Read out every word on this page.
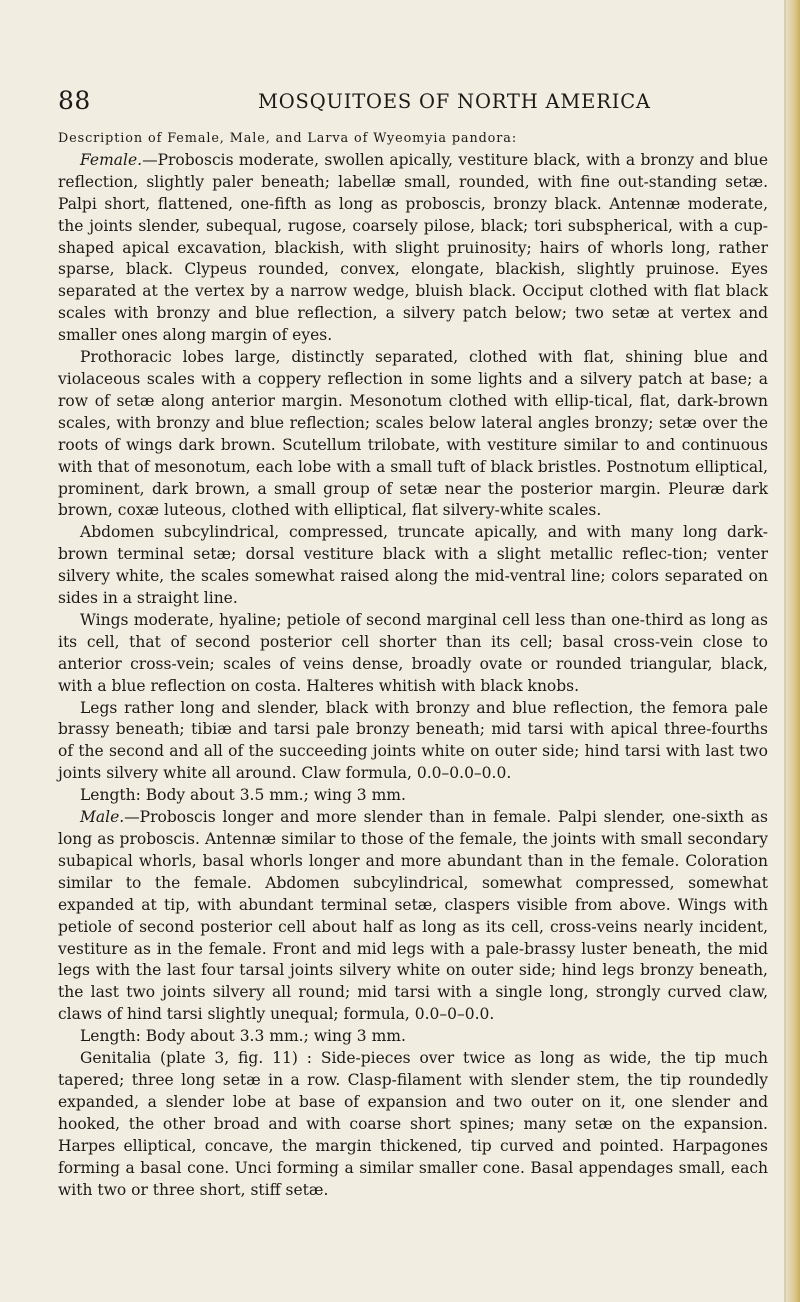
88	MOSQUITOES OF NORTH AMERICA
Description of Female, Male, and Larva of Wyeomyia pandora:

Female.—Proboscis moderate, swollen apically, vestiture black, with a bronzy and blue reflection, slightly paler beneath; labellæ small, rounded, with fine out-standing setæ. Palpi short, flattened, one-fifth as long as proboscis, bronzy black. Antennæ moderate, the joints slender, subequal, rugose, coarsely pilose, black; tori subspherical, with a cup-shaped apical excavation, blackish, with slight pruinosity; hairs of whorls long, rather sparse, black. Clypeus rounded, convex, elongate, blackish, slightly pruinose. Eyes separated at the vertex by a narrow wedge, bluish black. Occiput clothed with flat black scales with bronzy and blue reflection, a silvery patch below; two setæ at vertex and smaller ones along margin of eyes.

Prothoracic lobes large, distinctly separated, clothed with flat, shining blue and violaceous scales with a coppery reflection in some lights and a silvery patch at base; a row of setæ along anterior margin. Mesonotum clothed with ellip-tical, flat, dark-brown scales, with bronzy and blue reflection; scales below lateral angles bronzy; setæ over the roots of wings dark brown. Scutellum trilobate, with vestiture similar to and continuous with that of mesonotum, each lobe with a small tuft of black bristles. Postnotum elliptical, prominent, dark brown, a small group of setæ near the posterior margin. Pleuræ dark brown, coxæ luteous, clothed with elliptical, flat silvery-white scales.

Abdomen subcylindrical, compressed, truncate apically, and with many long dark-brown terminal setæ; dorsal vestiture black with a slight metallic reflec-tion; venter silvery white, the scales somewhat raised along the mid-ventral line; colors separated on sides in a straight line.

Wings moderate, hyaline; petiole of second marginal cell less than one-third as long as its cell, that of second posterior cell shorter than its cell; basal cross-vein close to anterior cross-vein; scales of veins dense, broadly ovate or rounded triangular, black, with a blue reflection on costa. Halteres whitish with black knobs.

Legs rather long and slender, black with bronzy and blue reflection, the femora pale brassy beneath; tibiæ and tarsi pale bronzy beneath; mid tarsi with apical three-fourths of the second and all of the succeeding joints white on outer side; hind tarsi with last two joints silvery white all around. Claw formula, 0.0–0.0–0.0.

Length: Body about 3.5 mm.; wing 3 mm.

Male.—Proboscis longer and more slender than in female. Palpi slender, one-sixth as long as proboscis. Antennæ similar to those of the female, the joints with small secondary subapical whorls, basal whorls longer and more abundant than in the female. Coloration similar to the female. Abdomen subcylindrical, somewhat compressed, somewhat expanded at tip, with abundant terminal setæ, claspers visible from above. Wings with petiole of second posterior cell about half as long as its cell, cross-veins nearly incident, vestiture as in the female. Front and mid legs with a pale-brassy luster beneath, the mid legs with the last four tarsal joints silvery white on outer side; hind legs bronzy beneath, the last two joints silvery all round; mid tarsi with a single long, strongly curved claw, claws of hind tarsi slightly unequal; formula, 0.0–0–0.0.

Length: Body about 3.3 mm.; wing 3 mm.

Genitalia (plate 3, fig. 11) : Side-pieces over twice as long as wide, the tip much tapered; three long setæ in a row. Clasp-filament with slender stem, the tip roundedly expanded, a slender lobe at base of expansion and two outer on it, one slender and hooked, the other broad and with coarse short spines; many setæ on the expansion. Harpes elliptical, concave, the margin thickened, tip curved and pointed. Harpagones forming a basal cone. Unci forming a similar smaller cone. Basal appendages small, each with two or three short, stiff setæ.
